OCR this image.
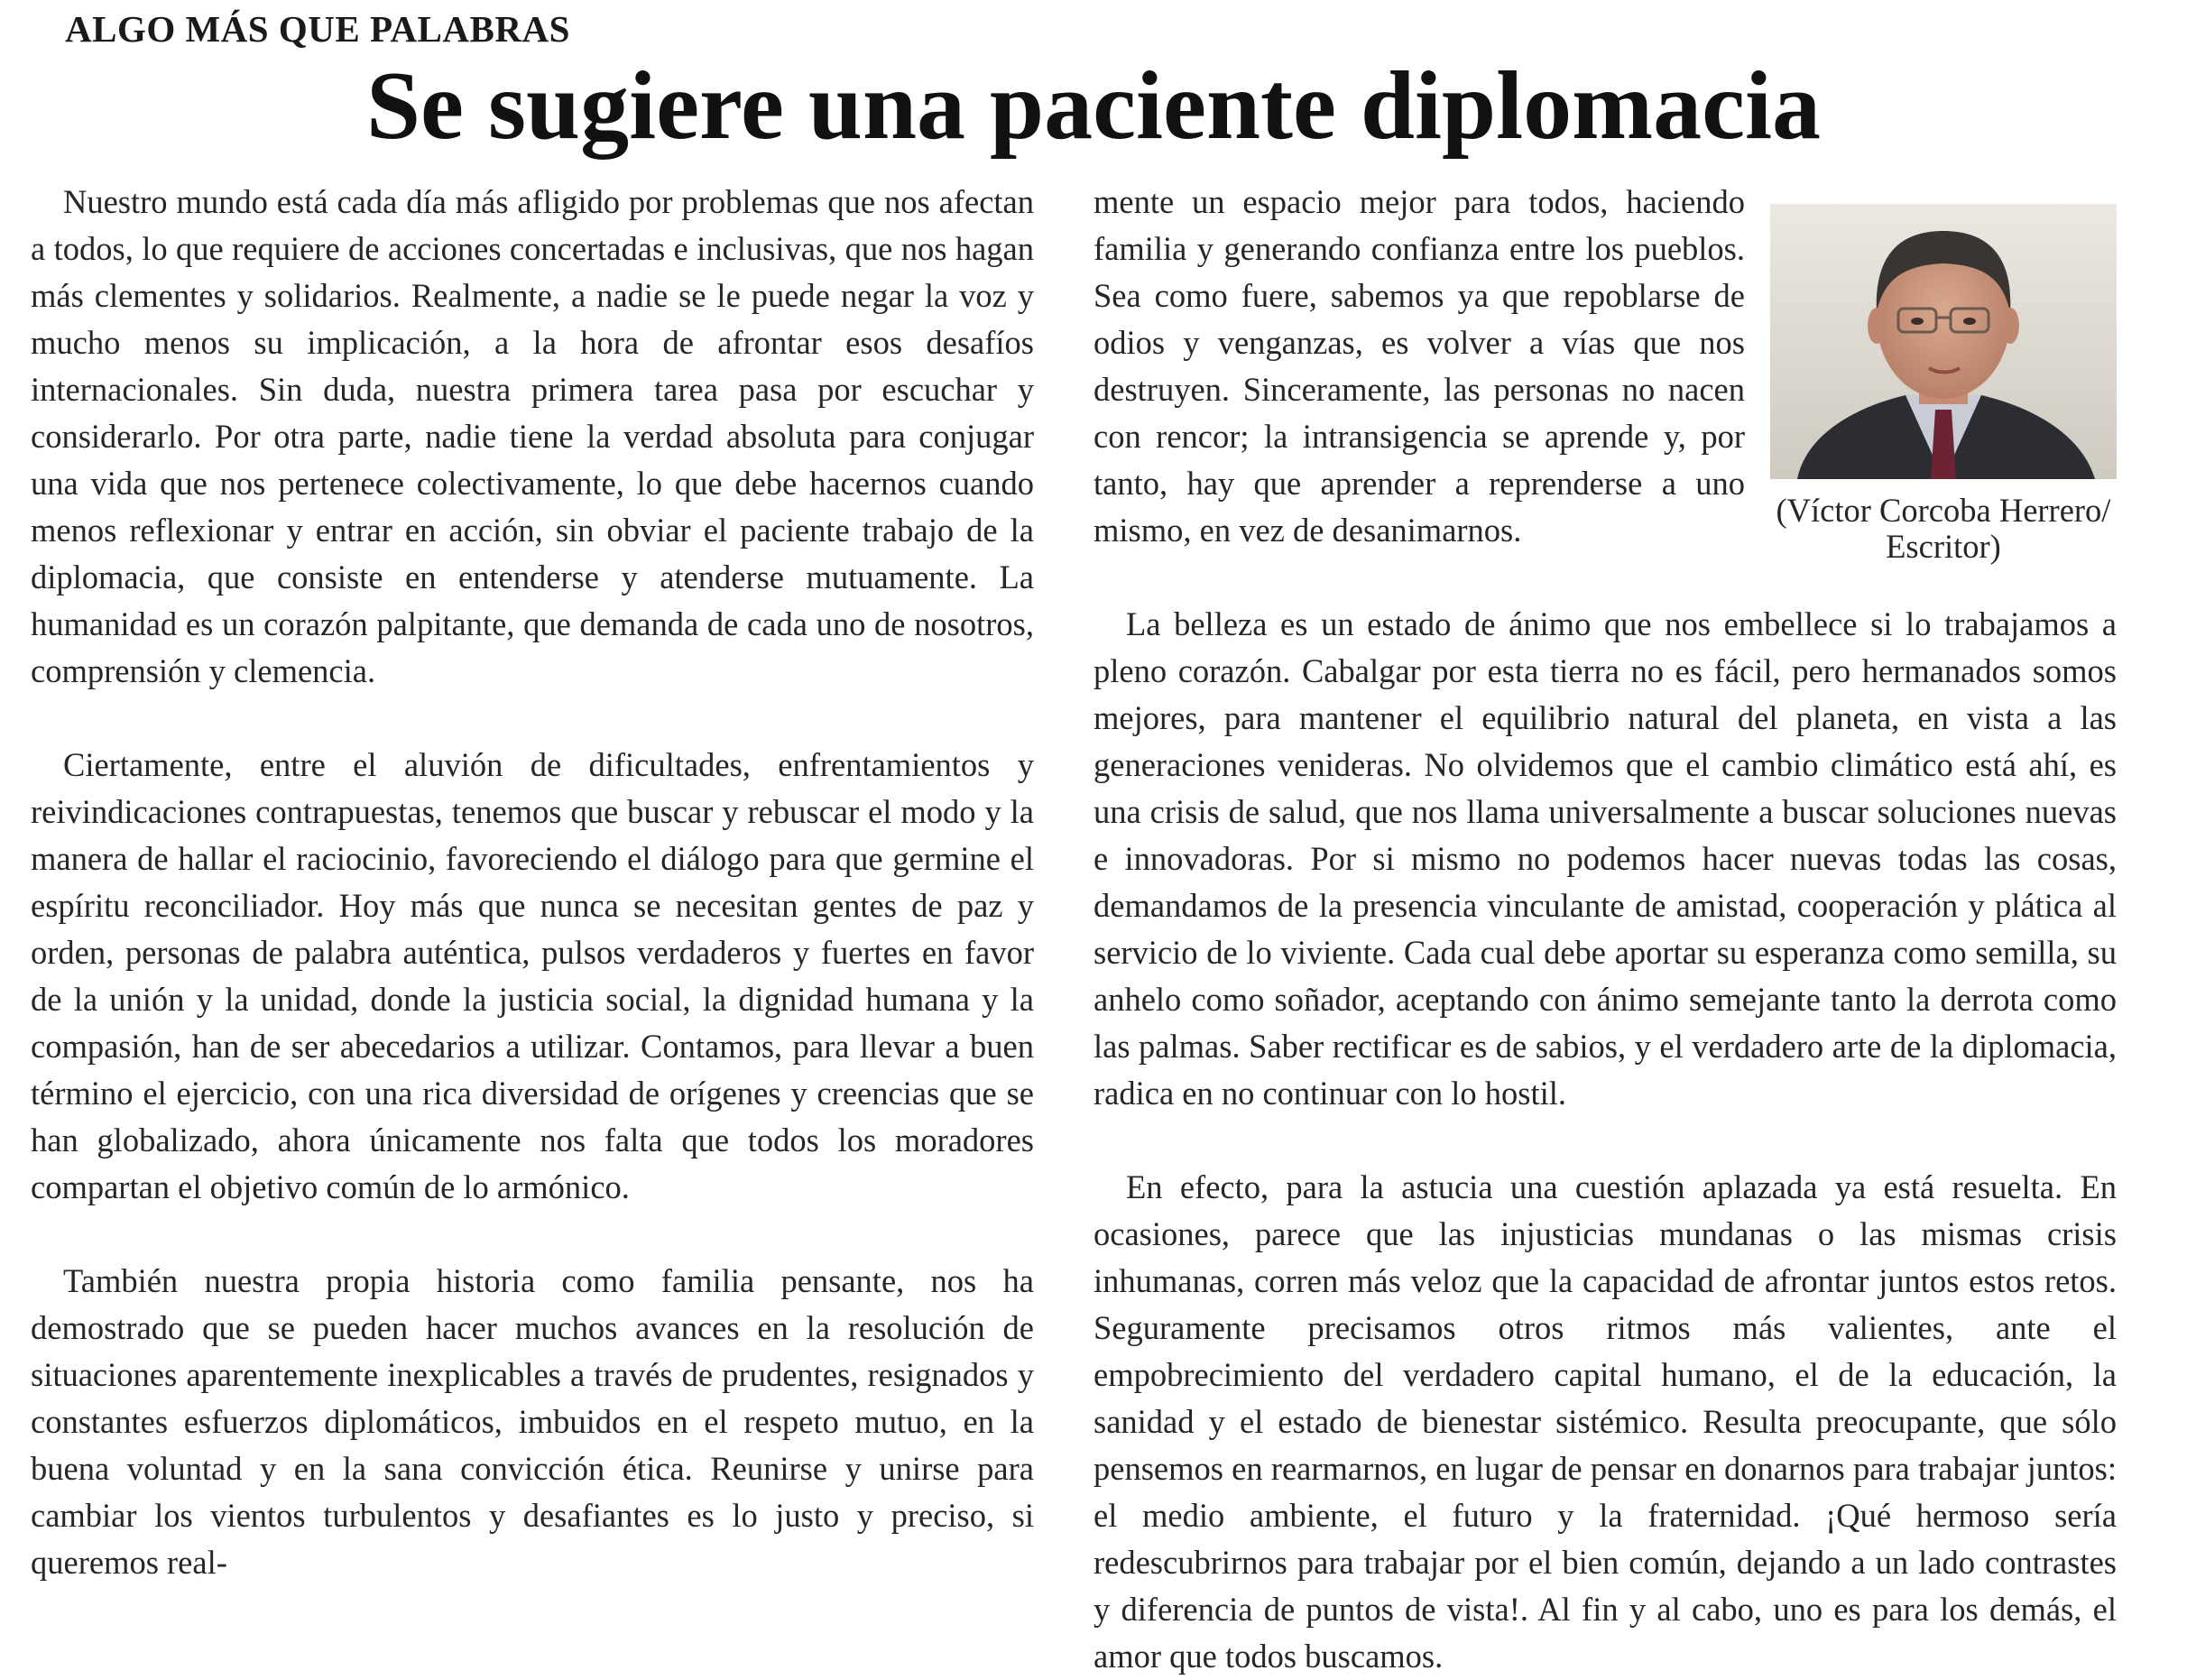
ALGO MÁS QUE PALABRAS
Se sugiere una paciente diplomacia

Nuestro mundo está cada día más afligido por problemas que nos afectan a todos, lo que requiere de acciones concertadas e inclusivas, que nos hagan más clementes y solidarios. Realmente, a nadie se le puede negar la voz y mucho menos su implicación, a la hora de afrontar esos desafíos internacionales. Sin duda, nuestra primera tarea pasa por escuchar y considerarlo. Por otra parte, nadie tiene la verdad absoluta para conjugar una vida que nos pertenece colectivamente, lo que debe hacernos cuando menos reflexionar y entrar en acción, sin obviar el paciente trabajo de la diplomacia, que consiste en entenderse y atenderse mutuamente. La humanidad es un corazón palpitante, que demanda de cada uno de nosotros, comprensión y clemencia.

Ciertamente, entre el aluvión de dificultades, enfrentamientos y reivindicaciones contrapuestas, tenemos que buscar y rebuscar el modo y la manera de hallar el raciocinio, favoreciendo el diálogo para que germine el espíritu reconciliador. Hoy más que nunca se necesitan gentes de paz y orden, personas de palabra auténtica, pulsos verdaderos y fuertes en favor de la unión y la unidad, donde la justicia social, la dignidad humana y la compasión, han de ser abecedarios a utilizar. Contamos, para llevar a buen término el ejercicio, con una rica diversidad de orígenes y creencias que se han globalizado, ahora únicamente nos falta que todos los moradores compartan el objetivo común de lo armónico.

También nuestra propia historia como familia pensante, nos ha demostrado que se pueden hacer muchos avances en la resolución de situaciones aparentemente inexplicables a través de prudentes, resignados y constantes esfuerzos diplomáticos, imbuidos en el respeto mutuo, en la buena voluntad y en la sana convicción ética. Reunirse y unirse para cambiar los vientos turbulentos y desafiantes es lo justo y preciso, si queremos real-

mente un espacio mejor para todos, haciendo familia y generando confianza entre los pueblos. Sea como fuere, sabemos ya que repoblarse de odios y venganzas, es volver a vías que nos destruyen. Sinceramente, las personas no nacen con rencor; la intransigencia se aprende y, por tanto, hay que aprender a reprenderse a uno mismo, en vez de desanimarnos.

(Víctor Corcoba Herrero/ Escritor)

La belleza es un estado de ánimo que nos embellece si lo trabajamos a pleno corazón. Cabalgar por esta tierra no es fácil, pero hermanados somos mejores, para mantener el equilibrio natural del planeta, en vista a las generaciones venideras. No olvidemos que el cambio climático está ahí, es una crisis de salud, que nos llama universalmente a buscar soluciones nuevas e innovadoras. Por si mismo no podemos hacer nuevas todas las cosas, demandamos de la presencia vinculante de amistad, cooperación y plática al servicio de lo viviente. Cada cual debe aportar su esperanza como semilla, su anhelo como soñador, aceptando con ánimo semejante tanto la derrota como las palmas. Saber rectificar es de sabios, y el verdadero arte de la diplomacia, radica en no continuar con lo hostil.

En efecto, para la astucia una cuestión aplazada ya está resuelta. En ocasiones, parece que las injusticias mundanas o las mismas crisis inhumanas, corren más veloz que la capacidad de afrontar juntos estos retos. Seguramente precisamos otros ritmos más valientes, ante el empobrecimiento del verdadero capital humano, el de la educación, la sanidad y el estado de bienestar sistémico. Resulta preocupante, que sólo pensemos en rearmarnos, en lugar de pensar en donarnos para trabajar juntos: el medio ambiente, el futuro y la fraternidad. ¡Qué hermoso sería redescubrirnos para trabajar por el bien común, dejando a un lado contrastes y diferencia de puntos de vista!. Al fin y al cabo, uno es para los demás, el amor que todos buscamos.
